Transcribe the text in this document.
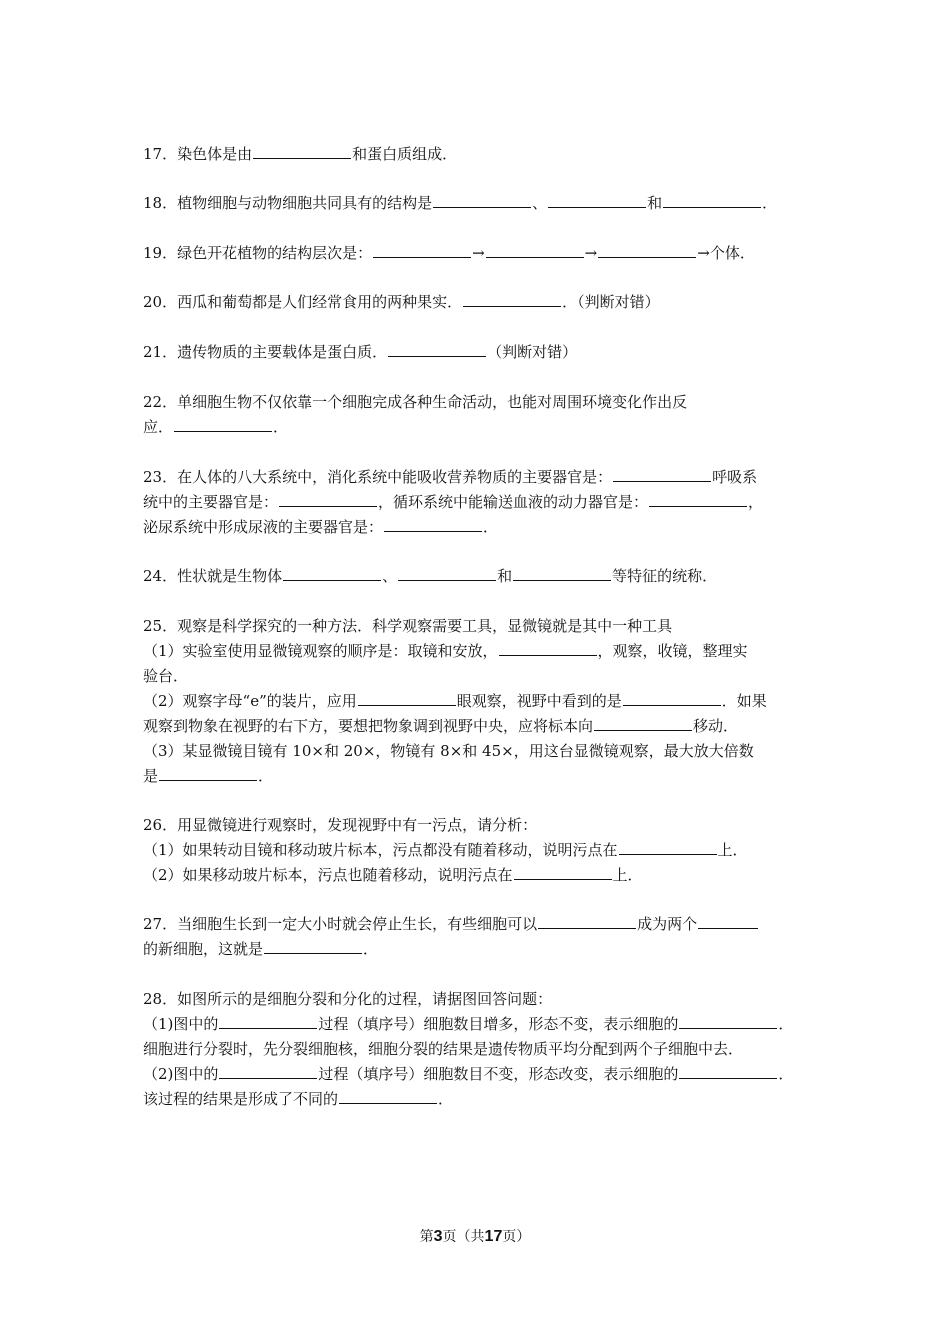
17．染色体是由	和蛋白质组成．
18．植物细胞与动物细胞共同具有的结构是	、	和	．
19．绿色开花植物的结构层次是：	→	→	→个体．
20．西瓜和葡萄都是人们经常食用的两种果实．	．（判断对错）
21．遗传物质的主要载体是蛋白质．	（判断对错）
22．单细胞生物不仅依靠一个细胞完成各种生命活动，也能对周围环境变化作出反
应．	．
23．在人体的八大系统中，消化系统中能吸收营养物质的主要器官是：	呼吸系
统中的主要器官是：	，循环系统中能输送血液的动力器官是：	，
泌尿系统中形成尿液的主要器官是：	．
24．性状就是生物体	、	和	等特征的统称．
25．观察是科学探究的一种方法．科学观察需要工具，显微镜就是其中一种工具
（1）实验室使用显微镜观察的顺序是：取镜和安放，	，观察，收镜，整理实
验台．
（2）观察字母“e”的装片，应用	眼观察，视野中看到的是	．如果
观察到物象在视野的右下方，要想把物象调到视野中央，应将标本向	移动．
（3）某显微镜目镜有 10×和 20×，物镜有 8×和 45×，用这台显微镜观察，最大放大倍数
是	．
26．用显微镜进行观察时，发现视野中有一污点，请分析：
（1）如果转动目镜和移动玻片标本，污点都没有随着移动，说明污点在	上．
（2）如果移动玻片标本，污点也随着移动，说明污点在	上．
27．当细胞生长到一定大小时就会停止生长，有些细胞可以	成为两个
的新细胞，这就是	．
28．如图所示的是细胞分裂和分化的过程，请据图回答问题：
（1)图中的	过程（填序号）细胞数目增多，形态不变，表示细胞的	．
细胞进行分裂时，先分裂细胞核，细胞分裂的结果是遗传物质平均分配到两个子细胞中去．
（2)图中的	过程（填序号）细胞数目不变，形态改变，表示细胞的	．
该过程的结果是形成了不同的	．
第3页（共17页）
